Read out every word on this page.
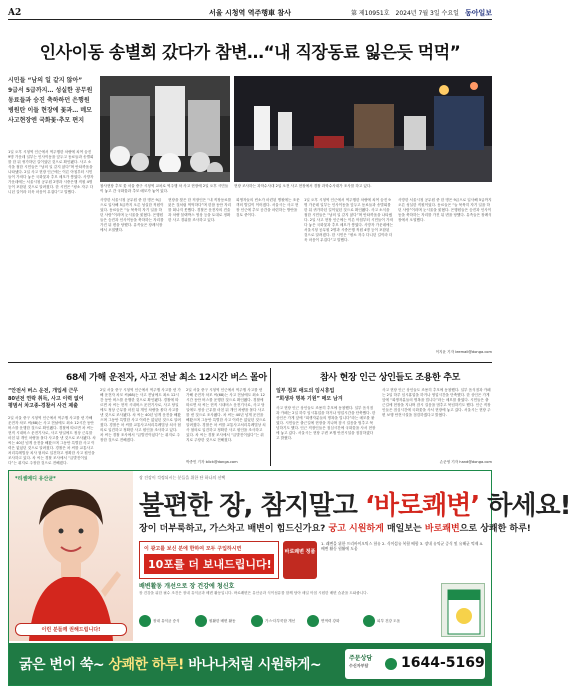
A2	서울 시청역 역주행車 참사	第 제10951호 2024년 7월 3일 수요일 동아일보
인사이동 송별회 갔다가 참변…“내 직장동료 잃은듯 먹먹”
시민들 “남의 일 같지 않아”
9급서 5급까지… 성실한 공무원
동료들과 승진 축하하던 은행원
병원탄 이들 현장에 꽃과… 메모
사고현장엔 국화꽃·추모 편지
1일 오후 시청역 인근에서 역주행한 차량에 치여 숨진 9명 가운데 일부는 인사이동을 앞두고 동료들과 송별회를 한 뒤 귀가하던 길이었던 것으로 확인됐다. 사고 소식을 접한 시민들은 “남의 일 같지 않다”며 안타까움을 나타냈다. 2일 사고 현장 인근에는 이른 아침부터 시민들이 가져다 놓은 국화꽃과 추모 메모가 쌓였다. 사망자 가운데에는 서울시청 공무원 2명과 시중은행 직원 4명 등이 포함된 것으로 알려졌다. 한 시민은 “평소 자주 다니던 길이라 더욱 마음이 무겁다”고 말했다.
참사현장 추모 꽃 서울 중구 시청역 교차로 역주행 차 사고 현장에 2일 오후 시민들이 놓고 간 국화꽃과 추모 메모가 놓여 있다.
현장 조사하는 과학수사대 2일 오전 사고 현장에서 경찰 과학수사대가 조사를 하고 있다.
사망한 서울시청 공무원 중 한 명은 9급으로 입사해 5급까지 오른 성실한 직원이었다. 동료들은 “늘 묵묵히 자기 일을 하던 사람”이라며 눈시울을 붉혔다. 은행원들은 승진과 인사이동을 축하하는 자리를 가진 뒤 변을 당했다. 유족들은 장례식장에서 오열했다.
현장을 찾은 한 직장인은 “내 직장동료를 잃은 것처럼 먹먹하다”며 한참 동안 자리를 떠나지 못했다. 경찰은 운전자의 진술과 차량 블랙박스 영상 등을 토대로 정확한 사고 경위를 조사하고 있다.
희생자들의 빈소가 마련된 병원에는 조문객의 발길이 이어졌다. 서울시는 사고 현장 인근에 추모 공간을 마련하는 방안을 검토 중이다.
1일 오후 시청역 인근에서 역주행한 차량에 치여 숨진 9명 가운데 일부는 인사이동을 앞두고 동료들과 송별회를 한 뒤 귀가하던 길이었던 것으로 확인됐다. 사고 소식을 접한 시민들은 “남의 일 같지 않다”며 안타까움을 나타냈다. 2일 사고 현장 인근에는 이른 아침부터 시민들이 가져다 놓은 국화꽃과 추모 메모가 쌓였다. 사망자 가운데에는 서울시청 공무원 2명과 시중은행 직원 4명 등이 포함된 것으로 알려졌다. 한 시민은 “평소 자주 다니던 길이라 더욱 마음이 무겁다”고 말했다.
사망한 서울시청 공무원 중 한 명은 9급으로 입사해 5급까지 오른 성실한 직원이었다. 동료들은 “늘 묵묵히 자기 일을 하던 사람”이라며 눈시울을 붉혔다. 은행원들은 승진과 인사이동을 축하하는 자리를 가진 뒤 변을 당했다. 유족들은 장례식장에서 오열했다.
이지윤 기자 leemail@donga.com
68세 가해 운전자, 사고 전날 최소 12시간 버스 몰아
“안전서 버스 운전, 개입세 근무
80년전 연락 취득, 사고 이력 없어
평범서 차고종-경찰서 사건 제출
2일 서울 중구 시청역 인근에서 역주행 사고를 낸 가해 운전자 차모 씨(68)는 사고 전날에도 최소 12시간 동안 버스를 운행한 것으로 확인됐다. 경찰에 따르면 차 씨는 현직 시내버스 운전기사로, 사고 당일에도 정상 근무를 마친 뒤 개인 차량을 몰다 사고를 낸 것으로 조사됐다. 차 씨는 40년 넘게 운전을 해왔으며 그동안 특별한 사고 이력은 없었던 것으로 알려졌다. 경찰은 차 씨를 교통사고처리특례법상 치사 혐의로 입건하고 정확한 사고 원인을 조사하고 있다. 차 씨는 경찰 조사에서 “급발진이었다”는 취지로 주장한 것으로 전해졌다.
2일 서울 중구 시청역 인근에서 역주행 사고를 낸 가해 운전자 차모 씨(68)는 사고 전날에도 최소 12시간 동안 버스를 운행한 것으로 확인됐다. 경찰에 따르면 차 씨는 현직 시내버스 운전기사로, 사고 당일에도 정상 근무를 마친 뒤 개인 차량을 몰다 사고를 낸 것으로 조사됐다. 차 씨는 40년 넘게 운전을 해왔으며 그동안 특별한 사고 이력은 없었던 것으로 알려졌다. 경찰은 차 씨를 교통사고처리특례법상 치사 혐의로 입건하고 정확한 사고 원인을 조사하고 있다. 차 씨는 경찰 조사에서 “급발진이었다”는 취지로 주장한 것으로 전해졌다.
2일 서울 중구 시청역 인근에서 역주행 사고를 낸 가해 운전자 차모 씨(68)는 사고 전날에도 최소 12시간 동안 버스를 운행한 것으로 확인됐다. 경찰에 따르면 차 씨는 현직 시내버스 운전기사로, 사고 당일에도 정상 근무를 마친 뒤 개인 차량을 몰다 사고를 낸 것으로 조사됐다. 차 씨는 40년 넘게 운전을 해왔으며 그동안 특별한 사고 이력은 없었던 것으로 알려졌다. 경찰은 차 씨를 교통사고처리특례법상 치사 혐의로 입건하고 정확한 사고 원인을 조사하고 있다. 차 씨는 경찰 조사에서 “급발진이었다”는 취지로 주장한 것으로 전해졌다.
박종민 기자 blick@donga.com
참사 현장 인근 상인들도 조용한 추모
일부 점포 애도의 임시휴업
“희생자 명복 기원” 메모 남겨
사고 현장 인근 상인들도 조용히 추모에 동참했다. 일부 음식점과 카페는 2일 하루 임시휴업을 하거나 영업시간을 단축했다. 한 상인은 가게 앞에 “희생자분들의 명복을 빕니다”라는 메모를 붙였다. 시민들은 출근길에 현장을 지나며 잠시 걸음을 멈추고 묵념하기도 했다. 인근 직장인들은 점심시간에 국화꽃을 사서 현장에 놓고 갔다. 서울시는 현장 주변 보행 안전시설을 점검하겠다고 밝혔다.
사고 현장 인근 상인들도 조용히 추모에 동참했다. 일부 음식점과 카페는 2일 하루 임시휴업을 하거나 영업시간을 단축했다. 한 상인은 가게 앞에 “희생자분들의 명복을 빕니다”라는 메모를 붙였다. 시민들은 출근길에 현장을 지나며 잠시 걸음을 멈추고 묵념하기도 했다. 인근 직장인들은 점심시간에 국화꽃을 사서 현장에 놓고 갔다. 서울시는 현장 주변 보행 안전시설을 점검하겠다고 밝혔다.
손준영 기자 hand@donga.com
이런 분들께 권해드립니다!
*리셀메디 유산균*	장 건강이 걱정되시는 분들을 위한 단 하나의 선택
불편한 장, 참지말고 ‘바로쾌변’ 하세요!
장이 더부룩하고, 가스차고 배변이 힘드신가요? 궁고 시원하게 매일보는 바로쾌변으로 상쾌한 하루!
이 광고를 보신 분에 한하여 모두 구입하시면
10포를 더 보내드립니다!
바로쾌변 정품
1. 쾌변을 위한 프리바이오틱스 함유 2. 식이섬유 복합 배합 3. 장내 유익균 증식 및 유해균 억제 4. 배변 활동 원활에 도움
배변활동 개선으로 장 건강에 청신호
장 건강을 위한 필수 조건은 장내 유익균과 배변 활동입니다. 바로쾌변은 유산균과 식이섬유를 함께 담아 매일 아침 시원한 배변 습관을 도와줍니다.
장내 유익균 증식	원활한 배변 활동	가스·더부룩함 개선	면역력 강화	피부 건강 도움
굵은 변이 쑥~ 상쾌한 하루! 바나나처럼 시원하게~	주문상담
수신자부담 1644-5169
